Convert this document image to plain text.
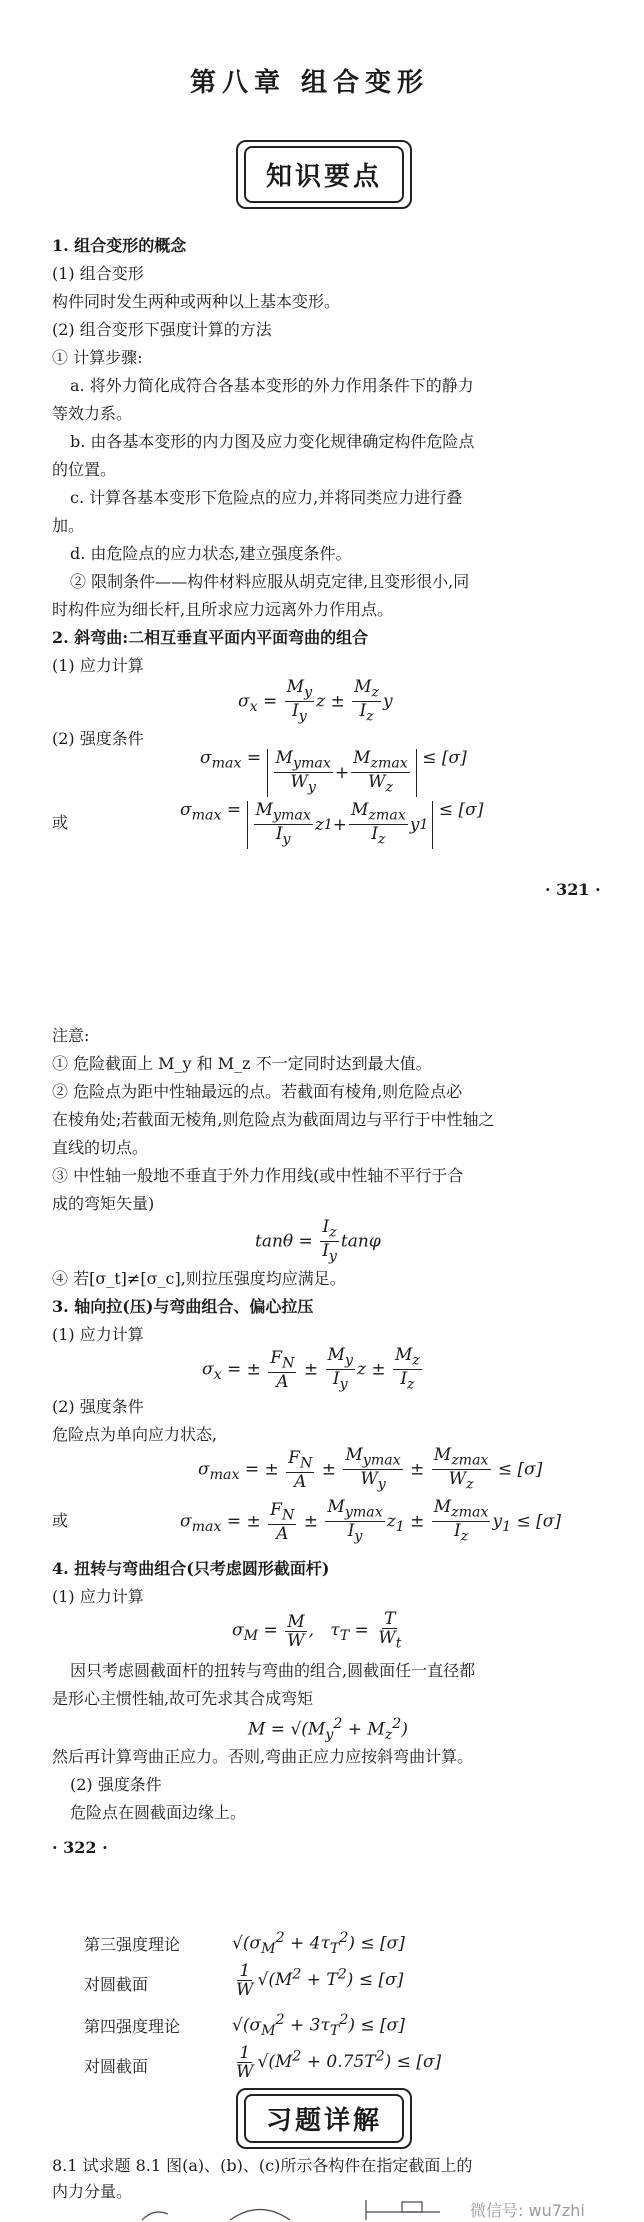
第八章 组合变形
知识要点
1. 组合变形的概念
(1) 组合变形
构件同时发生两种或两种以上基本变形。
(2) 组合变形下强度计算的方法
① 计算步骤:
a. 将外力简化成符合各基本变形的外力作用条件下的静力
等效力系。
b. 由各基本变形的内力图及应力变化规律确定构件危险点
的位置。
c. 计算各基本变形下危险点的应力,并将同类应力进行叠
加。
d. 由危险点的应力状态,建立强度条件。
② 限制条件——构件材料应服从胡克定律,且变形很小,同
时构件应为细长杆,且所求应力远离外力作用点。
2. 斜弯曲:二相互垂直平面内平面弯曲的组合
(1) 应力计算
$\sigma_x = \frac{M_y}{I_y}$ $z \pm \frac{M_z}{I_z}$ y
(2) 强度条件
$\sigma_{max} = \frac{M_{ymax}}{W_y} + \frac{M_{zmax}}{W_z} \le [\sigma]$
或
$\sigma_{max} = \frac{M_{ymax}}{I_y}$ z $1 + \frac{M_{zmax}}{I_z}$ y 1
≤ [σ]
· 321 ·
注意:
① 危险截面上 M_y 和 M_z 不一定同时达到最大值。
② 危险点为距中性轴最远的点。若截面有棱角,则危险点必
在棱角处;若截面无棱角,则危险点为截面周边与平行于中性轴之
直线的切点。
③ 中性轴一般地不垂直于外力作用线(或中性轴不平行于合
成的弯矩矢量)
$\tan\theta = \frac{I_z}{I_y}$ tanφ
④ 若[σ_t]≠[σ_c],则拉压强度均应满足。
3. 轴向拉(压)与弯曲组合、偏心拉压
(1) 应力计算
$\sigma_x$ = ± $\frac{F_N}{A} \pm \frac{M_y}{I_y}$ $z \pm \frac{M_z}{I_z}$
(2) 强度条件
危险点为单向应力状态,
$\sigma_{max}$ = ± $\frac{F_N}{A} \pm \frac{M_{ymax}}{W_y} \pm \frac{M_{zmax}}{W_z} \le [\sigma]$
或	$\sigma_{max}$ = ± $\frac{F_N}{A} \pm \frac{M_{ymax}}{I_y} z_1 \pm \frac{M_{zmax}}{I_z} y_1 \le [\sigma]$
4. 扭转与弯曲组合(只考虑圆形截面杆)
(1) 应力计算
$\sigma_M = \frac{M}{W}$ ,   $\tau_T = \frac{T}{W_t}$
因只考虑圆截面杆的扭转与弯曲的组合,圆截面任一直径都
是形心主惯性轴,故可先求其合成弯矩
$M = √(M_y^2 + M_z^2)$
然后再计算弯曲正应力。否则,弯曲正应力应按斜弯曲计算。
(2) 强度条件
危险点在圆截面边缘上。
· 322 ·
第三强度理论	$√(\sigma_M^2 + 4\tau_T^2) \le [\sigma]$
对圆截面	$\frac{1}{W} √(M^2 + T^2) \le [\sigma]$
第四强度理论	$√(\sigma_M^2 + 3\tau_T^2) \le [\sigma]$
对圆截面	$\frac{1}{W} √(M^2 + 0.75T^2) \le [\sigma]$
习题详解
8.1 试求题 8.1 图(a)、(b)、(c)所示各构件在指定截面上的
内力分量。
微信号: wu7zhi
